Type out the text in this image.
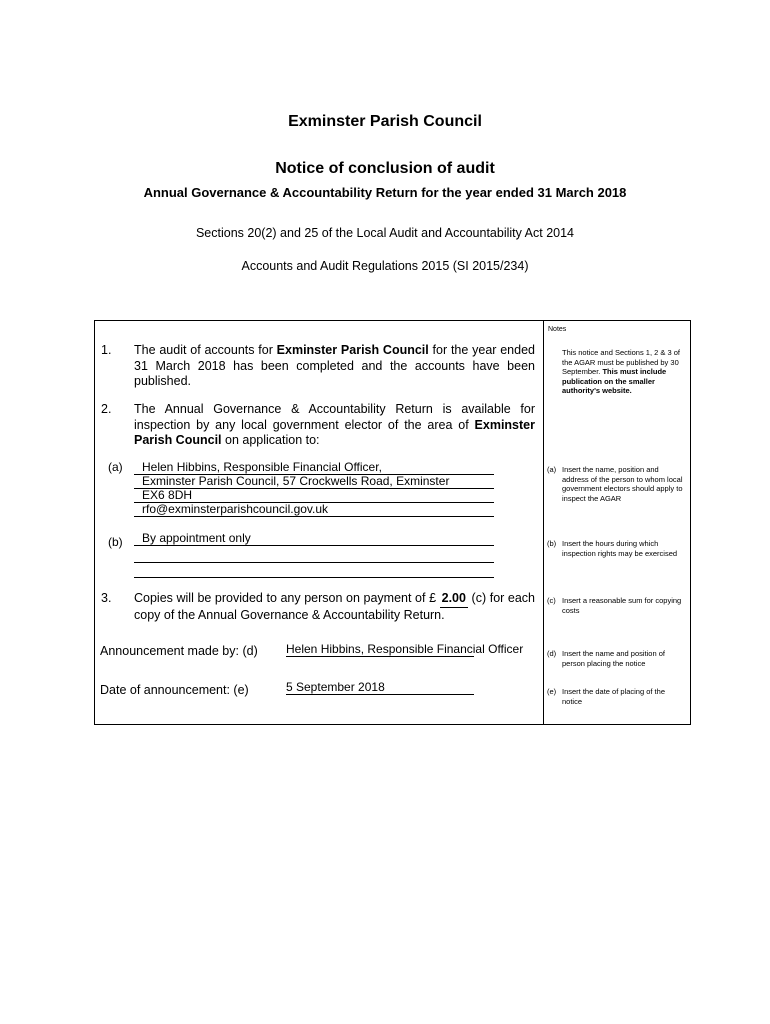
Exminster Parish Council
Notice of conclusion of audit
Annual Governance & Accountability Return for the year ended 31 March 2018
Sections 20(2) and 25 of the Local Audit and Accountability Act 2014
Accounts and Audit Regulations 2015 (SI 2015/234)
1. The audit of accounts for Exminster Parish Council for the year ended 31 March 2018 has been completed and the accounts have been published.
2. The Annual Governance & Accountability Return is available for inspection by any local government elector of the area of Exminster Parish Council on application to:
(a)	Helen Hibbins, Responsible Financial Officer,
Exminster Parish Council, 57 Crockwells Road, Exminster
EX6 8DH
rfo@exminsterparishcouncil.gov.uk
(b)	By appointment only
3. Copies will be provided to any person on payment of £ 2.00 (c) for each copy of the Annual Governance & Accountability Return.
Announcement made by: (d) Helen Hibbins, Responsible Financial Officer
Date of announcement: (e)	5 September 2018
Notes
This notice and Sections 1, 2 & 3 of the AGAR must be published by 30 September. This must include publication on the smaller authority's website.
(a) Insert the name, position and address of the person to whom local government electors should apply to inspect the AGAR
(b) Insert the hours during which inspection rights may be exercised
(c) Insert a reasonable sum for copying costs
(d) Insert the name and position of person placing the notice
(e) Insert the date of placing of the notice
